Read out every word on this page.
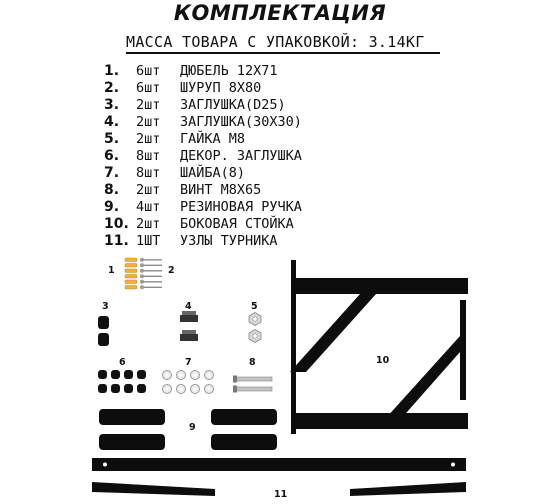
КОМПЛЕКТАЦИЯ
МАССА ТОВАРА С УПАКОВКОЙ: 3.14КГ
1. 6шт ДЮБЕЛЬ 12Х71
2. 6шт ШУРУП 8Х80
3. 2шт ЗАГЛУШКА(D25)
4. 2шт ЗАГЛУШКА(30Х30)
5. 2шт ГАЙКА М8
6. 8шт ДЕКОР. ЗАГЛУШКА
7. 8шт ШАЙБА(8)
8. 2шт ВИНТ М8Х65
9. 4шт РЕЗИНОВАЯ РУЧКА
10. 2шт БОКОВАЯ СТОЙКА
11. 1ШТ УЗЛЫ ТУРНИКА
1	2
3	4	5
6	7	8
9
10
11
